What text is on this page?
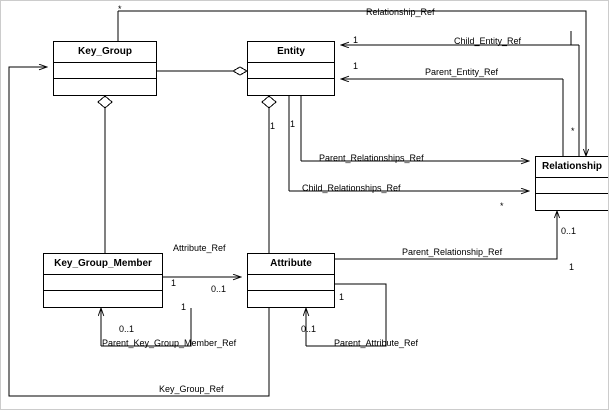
Key_Group	Entity
Relationship
Key_Group_Member	Attribute
Relationship_Ref
Child_Entity_Ref
Parent_Entity_Ref
Parent_Relationships_Ref
Child_Relationships_Ref
Attribute_Ref	Parent_Relationship_Ref
Parent_Key_Group_Member_Ref	Parent_Attribute_Ref
Key_Group_Ref
*
1
1
1 1
*
*
0..1
1
0..1
1
1
1
0..1	0..1
